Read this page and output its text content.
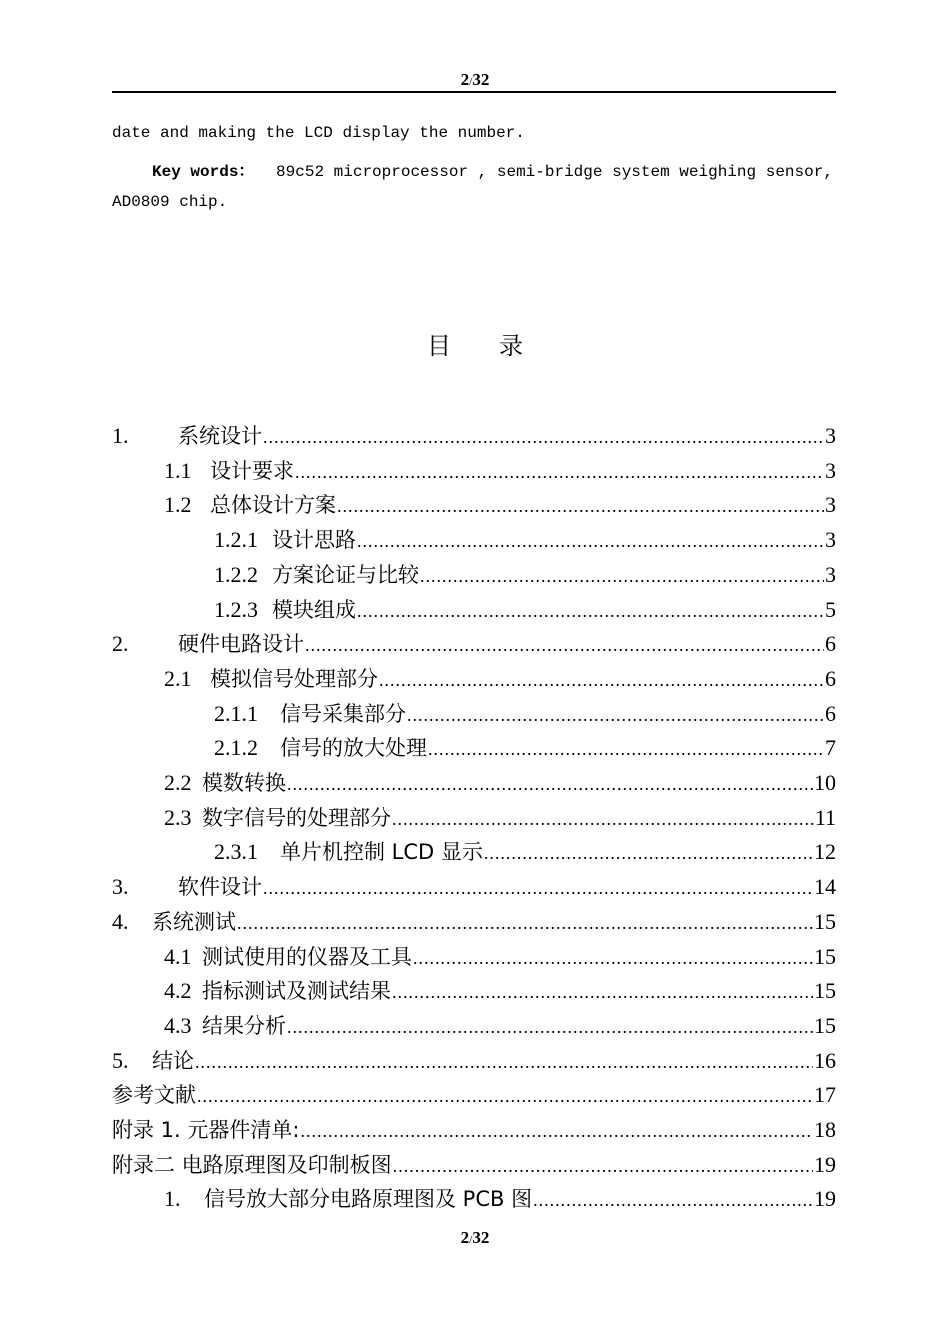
2/32
date and making the LCD display the number.
Key words： 89c52 microprocessor , semi-bridge system weighing sensor,
AD0809 chip.
目 录
1.	系统设计 .....	3
1.1 设计要求 .....	3
1.2 总体设计方案 .....	3
1.2.1 设计思路 .....	3
1.2.2 方案论证与比较 .....	3
1.2.3 模块组成 .....	5
2.	硬件电路设计 .....	6
2.1 模拟信号处理部分 .....	6
2.1.1	信号采集部分 .....	6
2.1.2	信号的放大处理 .....	7
2.2 模数转换 .....	10
2.3 数字信号的处理部分 .....	11
2.3.1	单片机控制 LCD 显示 .....	12
3.	软件设计 .....	14
4.	系统测试 .....	15
4.1 测试使用的仪器及工具 .....	15
4.2 指标测试及测试结果 .....	15
4.3 结果分析 .....	15
5.	结论 .....	16
参考文献 .....	17
附录 1. 元器件清单: .....	18
附录二 电路原理图及印制板图 .....	19
1.	信号放大部分电路原理图及 PCB 图 .....	19
2/32
